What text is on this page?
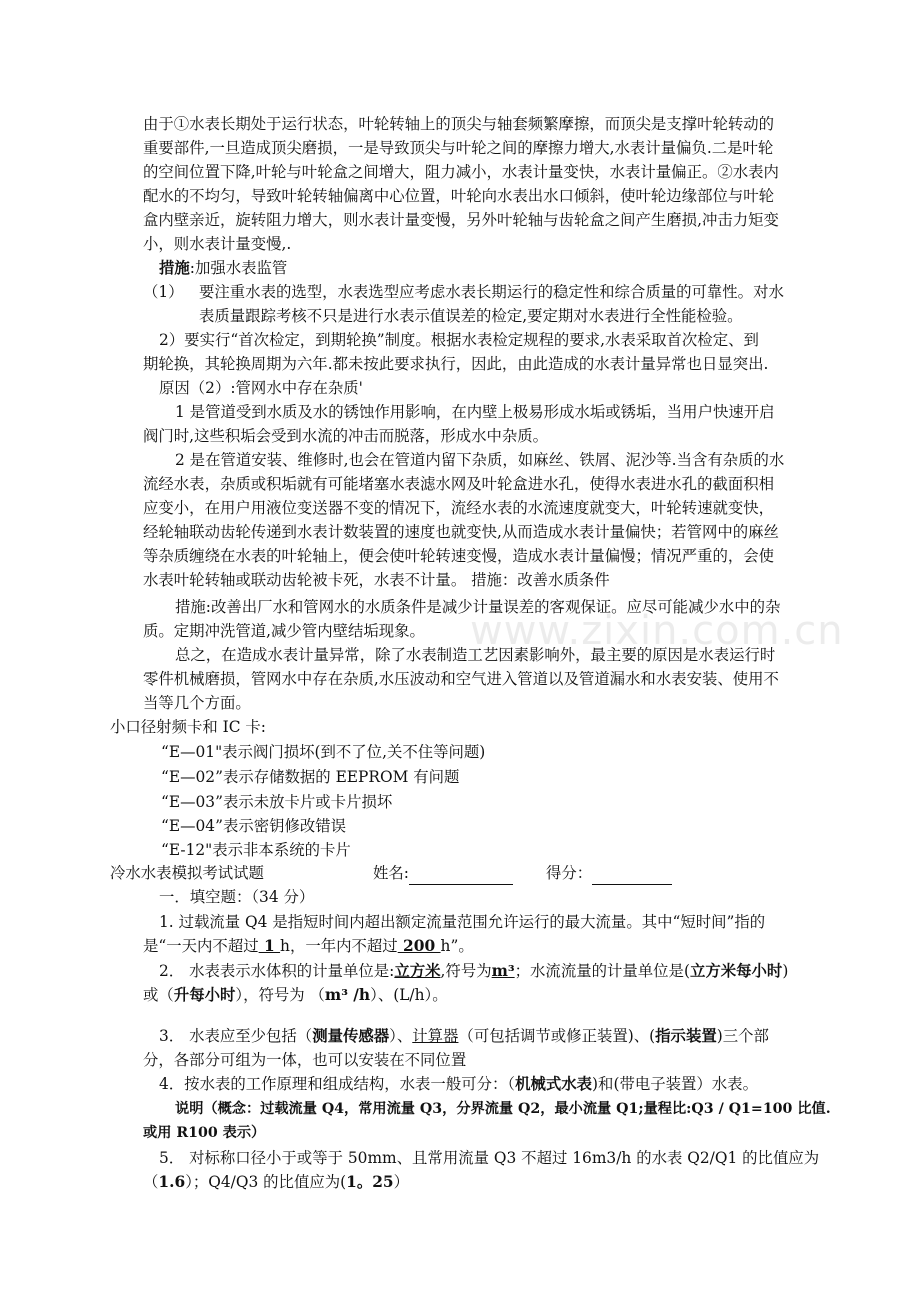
www.zixin.com.cn
由于①水表长期处于运行状态，叶轮转轴上的顶尖与轴套频繁摩擦，而顶尖是支撑叶轮转动的
重要部件,一旦造成顶尖磨损，一是导致顶尖与叶轮之间的摩擦力增大,水表计量偏负.二是叶轮
的空间位置下降,叶轮与叶轮盒之间增大，阻力减小，水表计量变快，水表计量偏正。②水表内
配水的不均匀，导致叶轮转轴偏离中心位置，叶轮向水表出水口倾斜，使叶轮边缘部位与叶轮
盒内壁亲近，旋转阻力增大，则水表计量变慢，另外叶轮轴与齿轮盒之间产生磨损,冲击力矩变
小，则水表计量变慢,.
措施:加强水表监管
（1） 要注重水表的选型，水表选型应考虑水表长期运行的稳定性和综合质量的可靠性。对水
表质量跟踪考核不只是进行水表示值误差的检定,要定期对水表进行全性能检验。
2）要实行“首次检定，到期轮换”制度。根据水表检定规程的要求,水表采取首次检定、到
期轮换，其轮换周期为六年.都未按此要求执行，因此，由此造成的水表计量异常也日显突出.
原因（2）:管网水中存在杂质'
1 是管道受到水质及水的锈蚀作用影响，在内壁上极易形成水垢或锈垢，当用户快速开启
阀门时,这些积垢会受到水流的冲击而脱落，形成水中杂质。
2 是在管道安装、维修时,也会在管道内留下杂质，如麻丝、铁屑、泥沙等.当含有杂质的水
流经水表，杂质或积垢就有可能堵塞水表滤水网及叶轮盒进水孔，使得水表进水孔的截面积相
应变小，在用户用液位变送器不变的情况下，流经水表的水流速度就变大，叶轮转速就变快，
经轮轴联动齿轮传递到水表计数装置的速度也就变快,从而造成水表计量偏快；若管网中的麻丝
等杂质缠绕在水表的叶轮轴上，便会使叶轮转速变慢，造成水表计量偏慢；情况严重的，会使
水表叶轮转轴或联动齿轮被卡死，水表不计量。 措施：改善水质条件
措施:改善出厂水和管网水的水质条件是减少计量误差的客观保证。应尽可能减少水中的杂
质。定期冲洗管道,减少管内壁结垢现象。
总之，在造成水表计量异常，除了水表制造工艺因素影响外，最主要的原因是水表运行时
零件机械磨损，管网水中存在杂质,水压波动和空气进入管道以及管道漏水和水表安装、使用不
当等几个方面。
小口径射频卡和 IC 卡:
“E—01"表示阀门损坏(到不了位,关不住等问题)
“E—02”表示存储数据的 EEPROM 有问题
“E—03”表示未放卡片或卡片损坏
“E—04”表示密钥修改错误
“E-12"表示非本系统的卡片
冷水水表模拟考试试题	姓名:	得分：
一．填空题：（34 分）
1. 过载流量 Q4 是指短时间内超出额定流量范围允许运行的最大流量。其中“短时间”指的
是“一天内不超过 1 h，一年内不超过 200 h”。
2． 水表表示水体积的计量单位是:立方米,符号为m³；水流流量的计量单位是(立方米每小时)
或（升每小时），符号为 （m³ /h）、(L/h）。
3． 水表应至少包括（测量传感器）、计算器（可包括调节或修正装置)、(指示装置)三个部
分，各部分可组为一体，也可以安装在不同位置
4．按水表的工作原理和组成结构，水表一般可分：（机械式水表)和(带电子装置）水表。
说明（概念：过载流量 Q4，常用流量 Q3，分界流量 Q2，最小流量 Q1;量程比:Q3 / Q1=100 比值.
或用 R100 表示）
5． 对标称口径小于或等于 50mm、且常用流量 Q3 不超过 16m3/h 的水表 Q2/Q1 的比值应为
（1.6）；Q4/Q3 的比值应为(1。25）
